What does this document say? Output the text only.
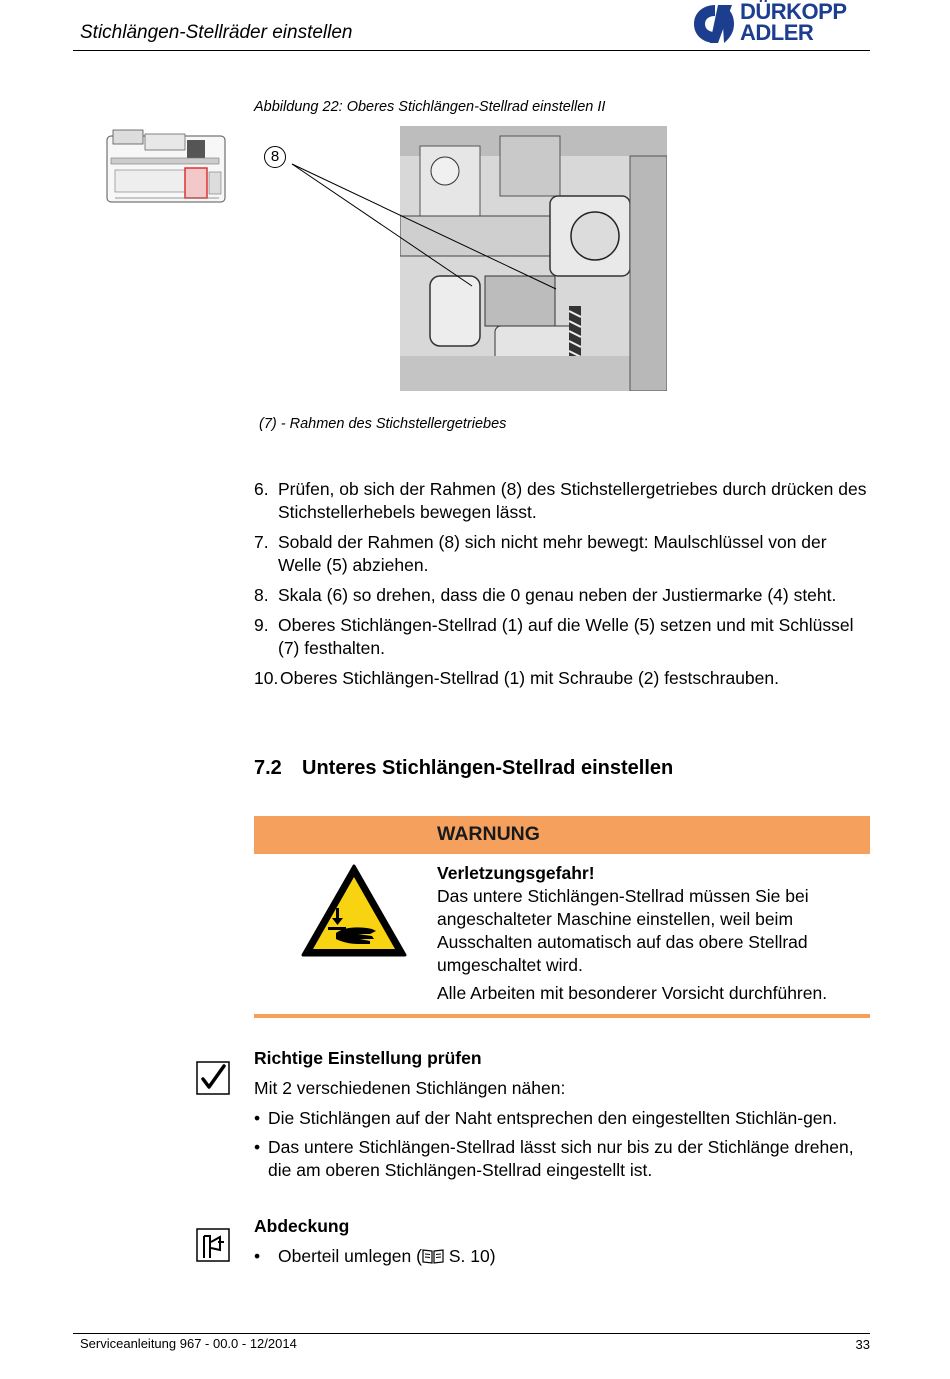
Stichlängen-Stellräder einstellen
DÜRKOPP
ADLER
Abbildung 22: Oberes Stichlängen-Stellrad einstellen II
8
(7) - Rahmen des Stichstellergetriebes
6. Prüfen, ob sich der Rahmen (8) des Stichstellergetriebes durch drücken des Stichstellerhebels bewegen lässt.
7. Sobald der Rahmen (8) sich nicht mehr bewegt: Maulschlüssel von der Welle (5) abziehen.
8. Skala (6) so drehen, dass die 0 genau neben der Justiermarke (4) steht.
9. Oberes Stichlängen-Stellrad (1) auf die Welle (5) setzen und mit Schlüssel (7) festhalten.
10. Oberes Stichlängen-Stellrad (1) mit Schraube (2) festschrauben.
7.2 Unteres Stichlängen-Stellrad einstellen
WARNUNG

Verletzungsgefahr!

Das untere Stichlängen-Stellrad müssen Sie bei angeschalteter Maschine einstellen, weil beim Ausschalten automatisch auf das obere Stellrad umgeschaltet wird.

Alle Arbeiten mit besonderer Vorsicht durchführen.

Richtige Einstellung prüfen
Mit 2 verschiedenen Stichlängen nähen:
• Die Stichlängen auf der Naht entsprechen den eingestellten Stichlän-gen.
• Das untere Stichlängen-Stellrad lässt sich nur bis zu der Stichlänge drehen, die am oberen Stichlängen-Stellrad eingestellt ist.
Abdeckung
• Oberteil umlegen ( S. 10)
Serviceanleitung 967 - 00.0 - 12/2014	33
